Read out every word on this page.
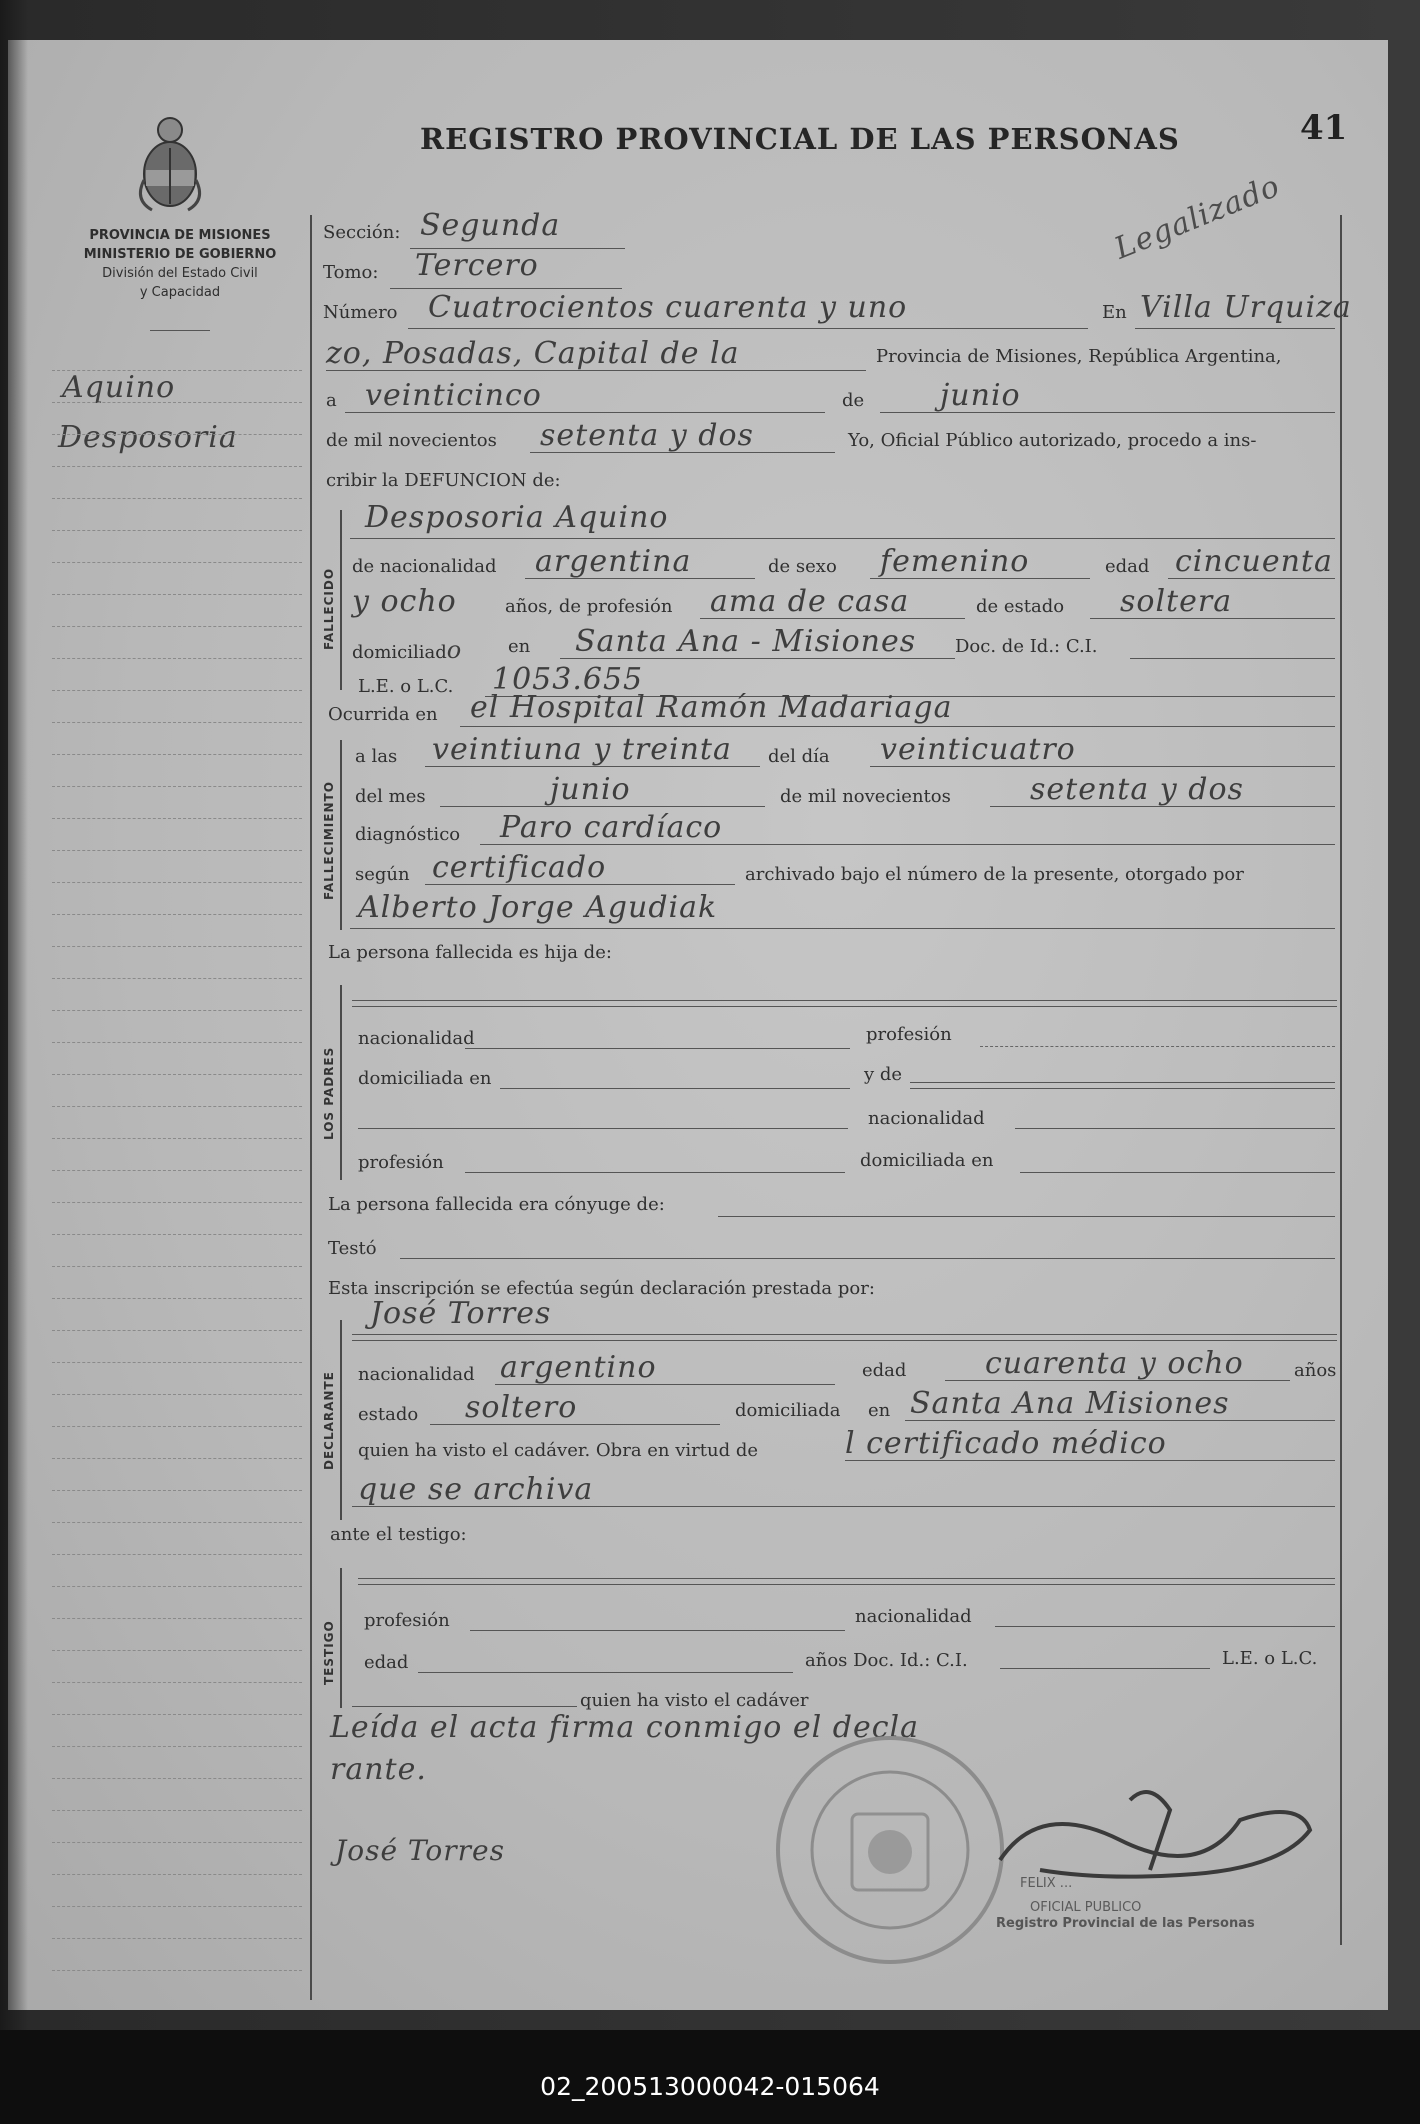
REGISTRO PROVINCIAL DE LAS PERSONAS	41
Legalizado
PROVINCIA DE MISIONES
MINISTERIO DE GOBIERNO
División del Estado Civil
y Capacidad
Aquino
Desposoria
Sección: Segunda
Tomo: Tercero
Número Cuatrocientos cuarenta y uno	En Villa Urquiza
zo, Posadas, Capital de la	Provincia de Misiones, República Argentina,
a veinticinco	de	junio
de mil novecientos setenta y dos	Yo, Oficial Público autorizado, procedo a ins-
cribir la DEFUNCION de:
FALLECIDO
Desposoria Aquino
de nacionalidad argentina	de sexo femenino	edad cincuenta
y ocho	años, de profesión ama de casa	de estado soltera
domiciliado	en Santa Ana - Misiones Doc. de Id.: C.I.
L.E. o L.C. 1053.655
Ocurrida en el Hospital Ramón Madariaga
FALLECIMIENTO
a las veintiuna y treinta del día veinticuatro
del mes	junio	de mil novecientos	setenta y dos
diagnóstico Paro cardíaco
según certificado	archivado bajo el número de la presente, otorgado por
Alberto Jorge Agudiak
La persona fallecida es hija de:
LOS PADRES
nacionalidad	profesión
domiciliada en	y de
nacionalidad
profesión	domiciliada en
La persona fallecida era cónyuge de:
Testó
Esta inscripción se efectúa según declaración prestada por:
DECLARANTE
José Torres
nacionalidad argentino	edad	cuarenta y ocho	años
estado soltero	domiciliada en Santa Ana Misiones
quien ha visto el cadáver. Obra en virtud de	l certificado médico
que se archiva
ante el testigo:
TESTIGO profesión	nacionalidad
edad	años Doc. Id.: C.I.	L.E. o L.C.
quien ha visto el cadáver
Leída el acta firma conmigo el decla
rante.
José Torres
FELIX ...
OFICIAL PUBLICO
Registro Provincial de las Personas
02_200513000042-015064
